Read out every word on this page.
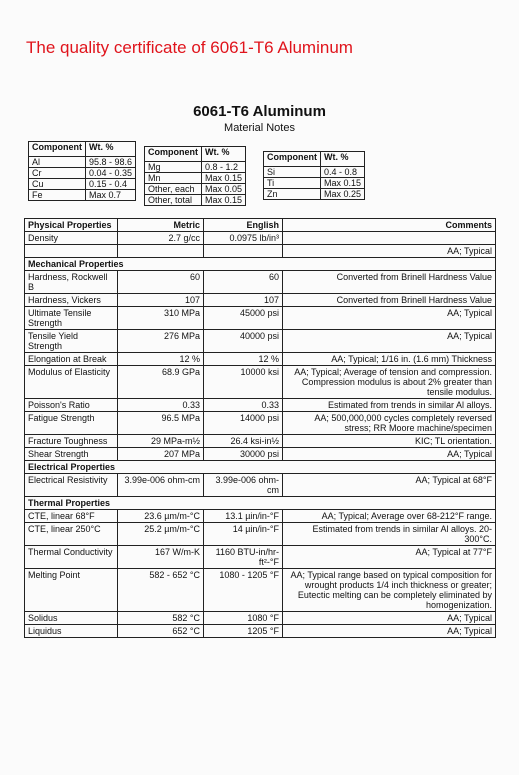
The quality certificate of 6061-T6 Aluminum
6061-T6 Aluminum
Material Notes
Component	Wt. %
Al	95.8 - 98.6
Cr	0.04 - 0.35
Cu	0.15 - 0.4
Fe	Max 0.7
Component	Wt. %
Mg	0.8 - 1.2
Mn	Max 0.15
Other, each	Max 0.05
Other, total	Max 0.15
Component	Wt. %
Si	0.4 - 0.8
Ti	Max 0.15
Zn	Max 0.25
Physical Properties	Metric	English	Comments
Density	2.7 g/cc	0.0975 lb/in³	
			AA; Typical
Mechanical Properties			
Hardness, Rockwell B	60	60	Converted from Brinell Hardness Value
Hardness, Vickers	107	107	Converted from Brinell Hardness Value
Ultimate Tensile Strength	310 MPa	45000 psi	AA; Typical
Tensile Yield Strength	276 MPa	40000 psi	AA; Typical
Elongation at Break	12 %	12 %	AA; Typical; 1/16 in. (1.6 mm) Thickness
Modulus of Elasticity	68.9 GPa	10000 ksi	AA; Typical; Average of tension and compression. Compression modulus is about 2% greater than tensile modulus.
Poisson's Ratio	0.33	0.33	Estimated from trends in similar Al alloys.
Fatigue Strength	96.5 MPa	14000 psi	AA; 500,000,000 cycles completely reversed stress; RR Moore machine/specimen
Fracture Toughness	29 MPa-m½	26.4 ksi-in½	KIC; TL orientation.
Shear Strength	207 MPa	30000 psi	AA; Typical
Electrical Properties			
Electrical Resistivity	3.99e-006 ohm-cm	3.99e-006 ohm-cm	AA; Typical at 68°F
Thermal Properties			
CTE, linear 68°F	23.6 µm/m-°C	13.1 µin/in-°F	AA; Typical; Average over 68-212°F range.
CTE, linear 250°C	25.2 µm/m-°C	14 µin/in-°F	Estimated from trends in similar Al alloys. 20-300°C.
Thermal Conductivity	167 W/m-K	1160 BTU-in/hr-ft²-°F	AA; Typical at 77°F
Melting Point	582 - 652 °C	1080 - 1205 °F	AA; Typical range based on typical composition for wrought products 1/4 inch thickness or greater; Eutectic melting can be completely eliminated by homogenization.
Solidus	582 °C	1080 °F	AA; Typical
Liquidus	652 °C	1205 °F	AA; Typical
